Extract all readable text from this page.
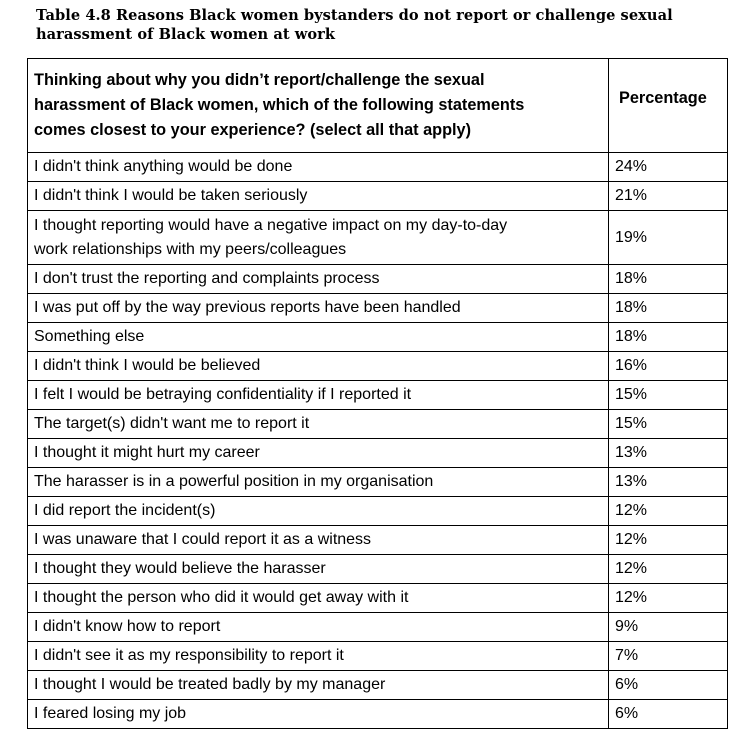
Table 4.8 Reasons Black women bystanders do not report or challenge sexual
harassment of Black women at work
Thinking about why you didn’t report/challenge the sexual
harassment of Black women, which of the following statements
comes closest to your experience? (select all that apply)	Percentage
I didn't think anything would be done	24%
I didn't think I would be taken seriously	21%

I thought reporting would have a negative impact on my day-to-day
work relationships with my peers/colleagues	19%
I don't trust the reporting and complaints process	18%
I was put off by the way previous reports have been handled	18%
Something else	18%
I didn't think I would be believed	16%
I felt I would be betraying confidentiality if I reported it	15%
The target(s) didn't want me to report it	15%
I thought it might hurt my career	13%
The harasser is in a powerful position in my organisation	13%
I did report the incident(s)	12%
I was unaware that I could report it as a witness	12%
I thought they would believe the harasser	12%
I thought the person who did it would get away with it	12%
I didn't know how to report	9%
I didn't see it as my responsibility to report it	7%
I thought I would be treated badly by my manager	6%
I feared losing my job	6%
